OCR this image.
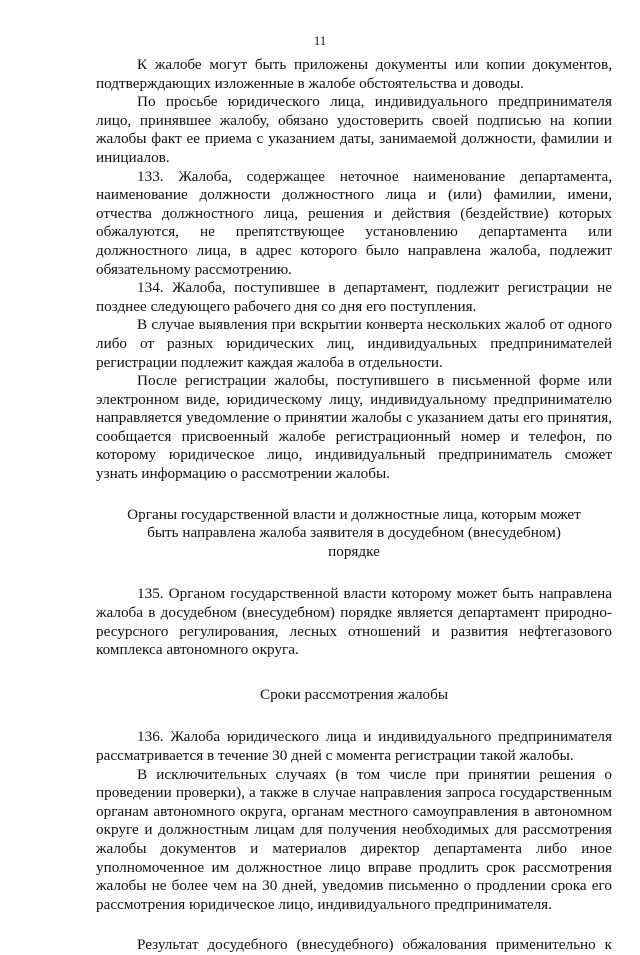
11

К жалобе могут быть приложены документы или копии документов, подтверждающих изложенные в жалобе обстоятельства и доводы.

По просьбе юридического лица, индивидуального предпринимателя лицо, принявшее жалобу, обязано удостоверить своей подписью на копии жалобы факт ее приема с указанием даты, занимаемой должности, фамилии и инициалов.

133. Жалоба, содержащее неточное наименование департамента, наименование должности должностного лица и (или) фамилии, имени, отчества должностного лица, решения и действия (бездействие) которых обжалуются, не препятствующее установлению департамента или должностного лица, в адрес которого было направлена жалоба, подлежит обязательному рассмотрению.

134. Жалоба, поступившее в департамент, подлежит регистрации не позднее следующего рабочего дня со дня его поступления.

В случае выявления при вскрытии конверта нескольких жалоб от одного либо от разных юридических лиц, индивидуальных предпринимателей регистрации подлежит каждая жалоба в отдельности.

После регистрации жалобы, поступившего в письменной форме или электронном виде, юридическому лицу, индивидуальному предпринимателю направляется уведомление о принятии жалобы с указанием даты его принятия, сообщается присвоенный жалобе регистрационный номер и телефон, по которому юридическое лицо, индивидуальный предприниматель сможет узнать информацию о рассмотрении жалобы.

Органы государственной власти и должностные лица, которым может быть направлена жалоба заявителя в досудебном (внесудебном) порядке

135. Органом государственной власти которому может быть направлена жалоба в досудебном (внесудебном) порядке является департамент природно-ресурсного регулирования, лесных отношений и развития нефтегазового комплекса автономного округа.

Сроки рассмотрения жалобы

136. Жалоба юридического лица и индивидуального предпринимателя рассматривается в течение 30 дней с момента регистрации такой жалобы.

В исключительных случаях (в том числе при принятии решения о проведении проверки), а также в случае направления запроса государственным органам автономного округа, органам местного самоуправления в автономном округе и должностным лицам для получения необходимых для рассмотрения жалобы документов и материалов директор департамента либо иное уполномоченное им должностное лицо вправе продлить срок рассмотрения жалобы не более чем на 30 дней, уведомив письменно о продлении срока его рассмотрения юридическое лицо, индивидуального предпринимателя.

Результат досудебного (внесудебного) обжалования применительно к
